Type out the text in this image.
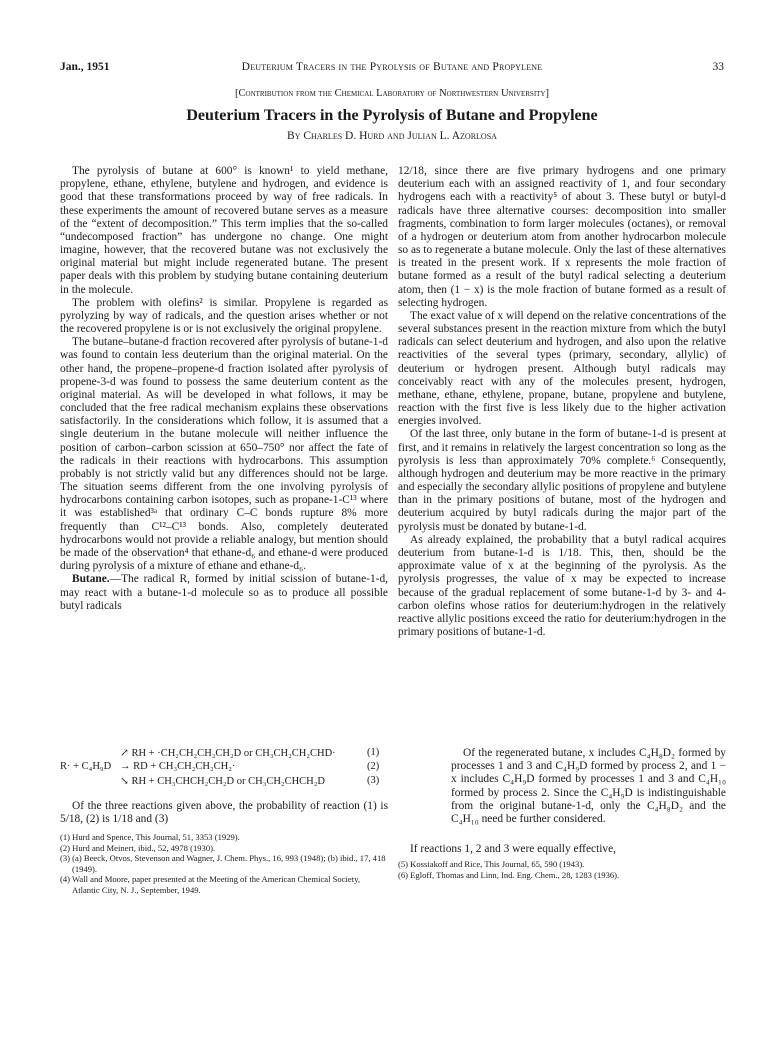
Jan., 1951	Deuterium Tracers in the Pyrolysis of Butane and Propylene	33
[Contribution from the Chemical Laboratory of Northwestern University]
Deuterium Tracers in the Pyrolysis of Butane and Propylene
By Charles D. Hurd and Julian L. Azorlosa

The pyrolysis of butane at 600° is known¹ to yield methane, propylene, ethane, ethylene, butylene and hydrogen, and evidence is good that these transformations proceed by way of free radicals. In these experiments the amount of recovered butane serves as a measure of the “extent of decomposition.” This term implies that the so-called “undecomposed fraction” has undergone no change. One might imagine, however, that the recovered butane was not exclusively the original material but might include regenerated butane. The present paper deals with this problem by studying butane containing deuterium in the molecule.

The problem with olefins² is similar. Propylene is regarded as pyrolyzing by way of radicals, and the question arises whether or not the recovered propylene is or is not exclusively the original propylene.

The butane–butane-d fraction recovered after pyrolysis of butane-1-d was found to contain less deuterium than the original material. On the other hand, the propene–propene-d fraction isolated after pyrolysis of propene-3-d was found to possess the same deuterium content as the original material. As will be developed in what follows, it may be concluded that the free radical mechanism explains these observations satisfactorily. In the considerations which follow, it is assumed that a single deuterium in the butane molecule will neither influence the position of carbon–carbon scission at 650–750° nor affect the fate of the radicals in their reactions with hydrocarbons. This assumption probably is not strictly valid but any differences should not be large. The situation seems different from the one involving pyrolysis of hydrocarbons containing carbon isotopes, such as propane-1-C¹³ where it was established³ᵃ that ordinary C–C bonds rupture 8% more frequently than C¹²–C¹³ bonds. Also, completely deuterated hydrocarbons would not provide a reliable analogy, but mention should be made of the observation⁴ that ethane-d₆ and ethane-d were produced during pyrolysis of a mixture of ethane and ethane-d₆.

Butane.—The radical R, formed by initial scission of butane-1-d, may react with a butane-1-d molecule so as to produce all possible butyl radicals

↗ RH + ·CH₂CH₂CH₂CH₂D or CH₃CH₂CH₂CHD·	(1)
R· + C₄H₉D → RD + CH₃CH₂CH₂CH₂·	(2)
↘ RH + CH₃CHCH₂CH₂D or CH₃CH₂CHCH₂D	(3)

Of the three reactions given above, the probability of reaction (1) is 5/18, (2) is 1/18 and (3)

(1) Hurd and Spence, This Journal, 51, 3353 (1929).
(2) Hurd and Meinert, ibid., 52, 4978 (1930).
(3) (a) Beeck, Otvos, Stevenson and Wagner, J. Chem. Phys., 16, 993 (1948); (b) ibid., 17, 418 (1949).
(4) Wall and Moore, paper presented at the Meeting of the American Chemical Society, Atlantic City, N. J., September, 1949.

12/18, since there are five primary hydrogens and one primary deuterium each with an assigned reactivity of 1, and four secondary hydrogens each with a reactivity⁵ of about 3. These butyl or butyl-d radicals have three alternative courses: decomposition into smaller fragments, combination to form larger molecules (octanes), or removal of a hydrogen or deuterium atom from another hydrocarbon molecule so as to regenerate a butane molecule. Only the last of these alternatives is treated in the present work. If x represents the mole fraction of butane formed as a result of the butyl radical selecting a deuterium atom, then (1 − x) is the mole fraction of butane formed as a result of selecting hydrogen.

The exact value of x will depend on the relative concentrations of the several substances present in the reaction mixture from which the butyl radicals can select deuterium and hydrogen, and also upon the relative reactivities of the several types (primary, secondary, allylic) of deuterium or hydrogen present. Although butyl radicals may conceivably react with any of the molecules present, hydrogen, methane, ethane, ethylene, propane, butane, propylene and butylene, reaction with the first five is less likely due to the higher activation energies involved.

Of the last three, only butane in the form of butane-1-d is present at first, and it remains in relatively the largest concentration so long as the pyrolysis is less than approximately 70% complete.⁶ Consequently, although hydrogen and deuterium may be more reactive in the primary and especially the secondary allylic positions of propylene and butylene than in the primary positions of butane, most of the hydrogen and deuterium acquired by butyl radicals during the major part of the pyrolysis must be donated by butane-1-d.

As already explained, the probability that a butyl radical acquires deuterium from butane-1-d is 1/18. This, then, should be the approximate value of x at the beginning of the pyrolysis. As the pyrolysis progresses, the value of x may be expected to increase because of the gradual replacement of some butane-1-d by 3- and 4-carbon olefins whose ratios for deuterium:hydrogen in the relatively reactive allylic positions exceed the ratio for deuterium:hydrogen in the primary positions of butane-1-d.

Of the regenerated butane, x includes C₄H₈D₂ formed by processes 1 and 3 and C₄H₉D formed by process 2, and 1 − x includes C₄H₉D formed by processes 1 and 3 and C₄H₁₀ formed by process 2. Since the C₄H₉D is indistinguishable from the original butane-1-d, only the C₄H₈D₂ and the C₄H₁₀ need be further considered.

If reactions 1, 2 and 3 were equally effective,

(5) Kossiakoff and Rice, This Journal, 65, 590 (1943).
(6) Egloff, Thomas and Linn, Ind. Eng. Chem., 28, 1283 (1936).
